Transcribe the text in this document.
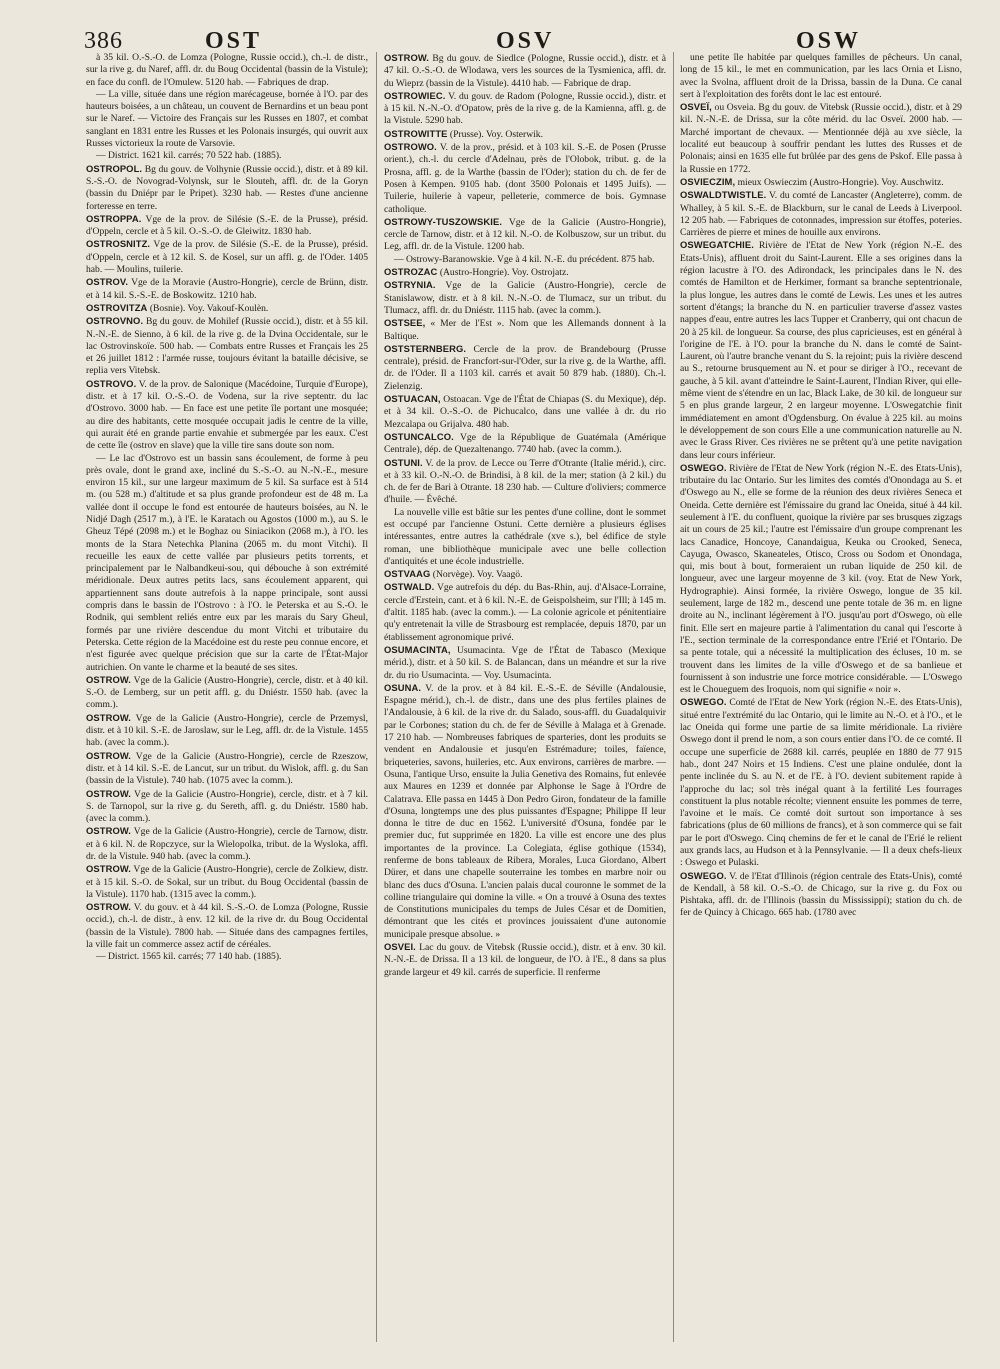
386	OST	OSV	OSW

à 35 kil. O.-S.-O. de Lomza (Pologne, Russie occid.), ch.-l. de distr., sur la rive g. du Naref, affl. dr. du Boug Occidental (bassin de la Vistule); en face du confl. de l'Omulew. 5120 hab. — Fabriques de drap.

— La ville, située dans une région marécageuse, bornée à l'O. par des hauteurs boisées, a un château, un couvent de Bernardins et un beau pont sur le Naref. — Victoire des Français sur les Russes en 1807, et combat sanglant en 1831 entre les Russes et les Polonais insurgés, qui ouvrit aux Russes victorieux la route de Varsovie.

— District. 1621 kil. carrés; 70 522 hab. (1885).

OSTROPOL. Bg du gouv. de Volhynie (Russie occid.), distr. et à 89 kil. S.-S.-O. de Novograd-Volynsk, sur le Slouteh, affl. dr. de la Goryn (bassin du Dniépr par le Pripet). 3230 hab. — Restes d'une ancienne forteresse en terre.

OSTROPPA. Vge de la prov. de Silésie (S.-E. de la Prusse), présid. d'Oppeln, cercle et à 5 kil. O.-S.-O. de Gleiwitz. 1830 hab.

OSTROSNITZ. Vge de la prov. de Silésie (S.-E. de la Prusse), présid. d'Oppeln, cercle et à 12 kil. S. de Kosel, sur un affl. g. de l'Oder. 1405 hab. — Moulins, tuilerie.

OSTROV. Vge de la Moravie (Austro-Hongrie), cercle de Brünn, distr. et à 14 kil. S.-S.-E. de Boskowitz. 1210 hab.

OSTROVITZA (Bosnie). Voy. Vakouf-Koulèn.

OSTROVNO. Bg du gouv. de Mohilef (Russie occid.), distr. et à 55 kil. N.-N.-E. de Sienno, à 6 kil. de la rive g. de la Dvina Occidentale, sur le lac Ostrovinskoïe. 500 hab. — Combats entre Russes et Français les 25 et 26 juillet 1812 : l'armée russe, toujours évitant la bataille décisive, se replia vers Vitebsk.

OSTROVO. V. de la prov. de Salonique (Macédoine, Turquie d'Europe), distr. et à 17 kil. O.-S.-O. de Vodena, sur la rive septentr. du lac d'Ostrovo. 3000 hab. — En face est une petite île portant une mosquée; au dire des habitants, cette mosquée occupait jadis le centre de la ville, qui aurait été en grande partie envahie et submergée par les eaux. C'est de cette île (ostrov en slave) que la ville tire sans doute son nom.

— Le lac d'Ostrovo est un bassin sans écoulement, de forme à peu près ovale, dont le grand axe, incliné du S.-S.-O. au N.-N.-E., mesure environ 15 kil., sur une largeur maximum de 5 kil. Sa surface est à 514 m. (ou 528 m.) d'altitude et sa plus grande profondeur est de 48 m. La vallée dont il occupe le fond est entourée de hauteurs boisées, au N. le Nidjé Dagh (2517 m.), à l'E. le Karatach ou Agostos (1000 m.), au S. le Gheuz Tépé (2098 m.) et le Boghaz ou Siniacikon (2068 m.), à l'O. les monts de la Stara Netechka Planina (2065 m. du mont Vitchi). Il recueille les eaux de cette vallée par plusieurs petits torrents, et principalement par le Nalbandkeui-sou, qui débouche à son extrémité méridionale. Deux autres petits lacs, sans écoulement apparent, qui appartiennent sans doute autrefois à la nappe principale, sont aussi compris dans le bassin de l'Ostrovo : à l'O. le Peterska et au S.-O. le Rodnik, qui semblent reliés entre eux par les marais du Sary Gheul, formés par une rivière descendue du mont Vitchi et tributaire du Peterska. Cette région de la Macédoine est du reste peu connue encore, et n'est figurée avec quelque précision que sur la carte de l'État-Major autrichien. On vante le charme et la beauté de ses sites.

OSTROW. Vge de la Galicie (Austro-Hongrie), cercle, distr. et à 40 kil. S.-O. de Lemberg, sur un petit affl. g. du Dniéstr. 1550 hab. (avec la comm.).

OSTROW. Vge de la Galicie (Austro-Hongrie), cercle de Przemysl, distr. et à 10 kil. S.-E. de Jaroslaw, sur le Leg, affl. dr. de la Vistule. 1455 hab. (avec la comm.).

OSTROW. Vge de la Galicie (Austro-Hongrie), cercle de Rzeszow, distr. et à 14 kil. S.-E. de Lancut, sur un tribut. du Wislok, affl. g. du San (bassin de la Vistule). 740 hab. (1075 avec la comm.).

OSTROW. Vge de la Galicie (Austro-Hongrie), cercle, distr. et à 7 kil. S. de Tarnopol, sur la rive g. du Sereth, affl. g. du Dniéstr. 1580 hab. (avec la comm.).

OSTROW. Vge de la Galicie (Austro-Hongrie), cercle de Tarnow, distr. et à 6 kil. N. de Ropczyce, sur la Wielopolka, tribut. de la Wysloka, affl. dr. de la Vistule. 940 hab. (avec la comm.).

OSTROW. Vge de la Galicie (Austro-Hongrie), cercle de Zolkiew, distr. et à 15 kil. S.-O. de Sokal, sur un tribut. du Boug Occidental (bassin de la Vistule). 1170 hab. (1315 avec la comm.).

OSTROW. V. du gouv. et à 44 kil. S.-S.-O. de Lomza (Pologne, Russie occid.), ch.-l. de distr., à env. 12 kil. de la rive dr. du Boug Occidental (bassin de la Vistule). 7800 hab. — Située dans des campagnes fertiles, la ville fait un commerce assez actif de céréales.

— District. 1565 kil. carrés; 77 140 hab. (1885).

OSTROW. Bg du gouv. de Siedlce (Pologne, Russie occid.), distr. et à 47 kil. O.-S.-O. de Wlodawa, vers les sources de la Tysmienica, affl. dr. du Wieprz (bassin de la Vistule). 4410 hab. — Fabrique de drap.

OSTROWIEC. V. du gouv. de Radom (Pologne, Russie occid.), distr. et à 15 kil. N.-N.-O. d'Opatow, près de la rive g. de la Kamienna, affl. g. de la Vistule. 5290 hab.

OSTROWITTE (Prusse). Voy. Osterwik.

OSTROWO. V. de la prov., présid. et à 103 kil. S.-E. de Posen (Prusse orient.), ch.-l. du cercle d'Adelnau, près de l'Olobok, tribut. g. de la Prosna, affl. g. de la Warthe (bassin de l'Oder); station du ch. de fer de Posen à Kempen. 9105 hab. (dont 3500 Polonais et 1495 Juifs). — Tuilerie, huilerie à vapeur, pelleterie, commerce de bois. Gymnase catholique.

OSTROWY-TUSZOWSKIE. Vge de la Galicie (Austro-Hongrie), cercle de Tarnow, distr. et à 12 kil. N.-O. de Kolbuszow, sur un tribut. du Leg, affl. dr. de la Vistule. 1200 hab.

— Ostrowy-Baranowskie. Vge à 4 kil. N.-E. du précédent. 875 hab.

OSTROZAC (Austro-Hongrie). Voy. Ostrojatz.

OSTRYNIA. Vge de la Galicie (Austro-Hongrie), cercle de Stanislawow, distr. et à 8 kil. N.-N.-O. de Tlumacz, sur un tribut. du Tlumacz, affl. dr. du Dniéstr. 1115 hab. (avec la comm.).

OSTSEE, « Mer de l'Est ». Nom que les Allemands donnent à la Baltique.

OSTSTERNBERG. Cercle de la prov. de Brandebourg (Prusse centrale), présid. de Francfort-sur-l'Oder, sur la rive g. de la Warthe, affl. dr. de l'Oder. Il a 1103 kil. carrés et avait 50 879 hab. (1880). Ch.-l. Zielenzig.

OSTUACAN, Ostoacan. Vge de l'État de Chiapas (S. du Mexique), dép. et à 34 kil. O.-S.-O. de Pichucalco, dans une vallée à dr. du rio Mezcalapa ou Grijalva. 480 hab.

OSTUNCALCO. Vge de la République de Guatémala (Amérique Centrale), dép. de Quezaltenango. 7740 hab. (avec la comm.).

OSTUNI. V. de la prov. de Lecce ou Terre d'Otrante (Italie mérid.), circ. et à 33 kil. O.-N.-O. de Brindisi, à 8 kil. de la mer; station (à 2 kil.) du ch. de fer de Bari à Otrante. 18 230 hab. — Culture d'oliviers; commerce d'huile. — Évêché.

La nouvelle ville est bâtie sur les pentes d'une colline, dont le sommet est occupé par l'ancienne Ostuni. Cette dernière a plusieurs églises intéressantes, entre autres la cathédrale (xve s.), bel édifice de style roman, une bibliothèque municipale avec une belle collection d'antiquités et une école industrielle.

OSTVAAG (Norvège). Voy. Vaagö.

OSTWALD. Vge autrefois du dép. du Bas-Rhin, auj. d'Alsace-Lorraine, cercle d'Erstein, cant. et à 6 kil. N.-E. de Geispolsheim, sur l'Ill; à 145 m. d'altit. 1185 hab. (avec la comm.). — La colonie agricole et pénitentiaire qu'y entretenait la ville de Strasbourg est remplacée, depuis 1870, par un établissement agronomique privé.

OSUMACINTA, Usumacinta. Vge de l'État de Tabasco (Mexique mérid.), distr. et à 50 kil. S. de Balancan, dans un méandre et sur la rive dr. du rio Usumacinta. — Voy. Usumacinta.

OSUNA. V. de la prov. et à 84 kil. E.-S.-E. de Séville (Andalousie, Espagne mérid.), ch.-l. de distr., dans une des plus fertiles plaines de l'Andalousie, à 6 kil. de la rive dr. du Salado, sous-affl. du Guadalquivir par le Corbones; station du ch. de fer de Séville à Malaga et à Grenade. 17 210 hab. — Nombreuses fabriques de sparteries, dont les produits se vendent en Andalousie et jusqu'en Estrémadure; toiles, faïence, briqueteries, savons, huileries, etc. Aux environs, carrières de marbre. — Osuna, l'antique Urso, ensuite la Julia Genetiva des Romains, fut enlevée aux Maures en 1239 et donnée par Alphonse le Sage à l'Ordre de Calatrava. Elle passa en 1445 à Don Pedro Giron, fondateur de la famille d'Osuna, longtemps une des plus puissantes d'Espagne; Philippe II leur donna le titre de duc en 1562. L'université d'Osuna, fondée par le premier duc, fut supprimée en 1820. La ville est encore une des plus importantes de la province. La Colegiata, église gothique (1534), renferme de bons tableaux de Ribera, Morales, Luca Giordano, Albert Dürer, et dans une chapelle souterraine les tombes en marbre noir ou blanc des ducs d'Osuna. L'ancien palais ducal couronne le sommet de la colline triangulaire qui domine la ville. « On a trouvé à Osuna des textes de Constitutions municipales du temps de Jules César et de Domitien, démontrant que les cités et provinces jouissaient d'une autonomie municipale presque absolue. »

OSVEI. Lac du gouv. de Vitebsk (Russie occid.), distr. et à env. 30 kil. N.-N.-E. de Drissa. Il a 13 kil. de longueur, de l'O. à l'E., 8 dans sa plus grande largeur et 49 kil. carrés de superficie. Il renferme

une petite île habitée par quelques familles de pêcheurs. Un canal, long de 15 kil., le met en communication, par les lacs Ornia et Lisno, avec la Svolna, affluent droit de la Drissa, bassin de la Duna. Ce canal sert à l'exploitation des forêts dont le lac est entouré.

OSVEÏ, ou Osveia. Bg du gouv. de Vitebsk (Russie occid.), distr. et à 29 kil. N.-N.-E. de Drissa, sur la côte mérid. du lac Osveï. 2000 hab. — Marché important de chevaux. — Mentionnée déjà au xve siècle, la localité eut beaucoup à souffrir pendant les luttes des Russes et de Polonais; ainsi en 1635 elle fut brûlée par des gens de Pskof. Elle passa à la Russie en 1772.

OSVIECZIM, mieux Oswieczim (Austro-Hongrie). Voy. Auschwitz.

OSWALDTWISTLE. V. du comté de Lancaster (Angleterre), comm. de Whalley, à 5 kil. S.-E. de Blackburn, sur le canal de Leeds à Liverpool. 12 205 hab. — Fabriques de cotonnades, impression sur étoffes, poteries. Carrières de pierre et mines de houille aux environs.

OSWEGATCHIE. Rivière de l'Etat de New York (région N.-E. des Etats-Unis), affluent droit du Saint-Laurent. Elle a ses origines dans la région lacustre à l'O. des Adirondack, les principales dans le N. des comtés de Hamilton et de Herkimer, formant sa branche septentrionale, la plus longue, les autres dans le comté de Lewis. Les unes et les autres sortent d'étangs; la branche du N. en particulier traverse d'assez vastes nappes d'eau, entre autres les lacs Tupper et Cranberry, qui ont chacun de 20 à 25 kil. de longueur. Sa course, des plus capricieuses, est en général à l'origine de l'E. à l'O. pour la branche du N. dans le comté de Saint-Laurent, où l'autre branche venant du S. la rejoint; puis la rivière descend au S., retourne brusquement au N. et pour se diriger à l'O., recevant de gauche, à 5 kil. avant d'atteindre le Saint-Laurent, l'Indian River, qui elle-même vient de s'étendre en un lac, Black Lake, de 30 kil. de longueur sur 5 en plus grande largeur, 2 en largeur moyenne. L'Oswegatchie finit immédiatement en amont d'Ogdensburg. On évalue à 225 kil. au moins le développement de son cours Elle a une communication naturelle au N. avec le Grass River. Ces rivières ne se prêtent qu'à une petite navigation dans leur cours inférieur.

OSWEGO. Rivière de l'Etat de New York (région N.-E. des Etats-Unis), tributaire du lac Ontario. Sur les limites des comtés d'Onondaga au S. et d'Oswego au N., elle se forme de la réunion des deux rivières Seneca et Oneida. Cette dernière est l'émissaire du grand lac Oneida, situé à 44 kil. seulement à l'E. du confluent, quoique la rivière par ses brusques zigzags ait un cours de 25 kil.; l'autre est l'émissaire d'un groupe comprenant les lacs Canadice, Honcoye, Canandaigua, Keuka ou Crooked, Seneca, Cayuga, Owasco, Skaneateles, Otisco, Cross ou Sodom et Onondaga, qui, mis bout à bout, formeraient un ruban liquide de 250 kil. de longueur, avec une largeur moyenne de 3 kil. (voy. Etat de New York, Hydrographie). Ainsi formée, la rivière Oswego, longue de 35 kil. seulement, large de 182 m., descend une pente totale de 36 m. en ligne droite au N., inclinant légèrement à l'O. jusqu'au port d'Oswego, où elle finit. Elle sert en majeure partie à l'alimentation du canal qui l'escorte à l'E., section terminale de la correspondance entre l'Erié et l'Ontario. De sa pente totale, qui a nécessité la multiplication des écluses, 10 m. se trouvent dans les limites de la ville d'Oswego et de sa banlieue et fournissent à son industrie une force motrice considérable. — L'Oswego est le Choueguem des Iroquois, nom qui signifie « noir ».

OSWEGO. Comté de l'Etat de New York (région N.-E. des Etats-Unis), situé entre l'extrémité du lac Ontario, qui le limite au N.-O. et à l'O., et le lac Oneida qui forme une partie de sa limite méridionale. La rivière Oswego dont il prend le nom, a son cours entier dans l'O. de ce comté. Il occupe une superficie de 2688 kil. carrés, peuplée en 1880 de 77 915 hab., dont 247 Noirs et 15 Indiens. C'est une plaine ondulée, dont la pente inclinée du S. au N. et de l'E. à l'O. devient subitement rapide à l'approche du lac; sol très inégal quant à la fertilité Les fourrages constituent la plus notable récolte; viennent ensuite les pommes de terre, l'avoine et le maïs. Ce comté doit surtout son importance à ses fabrications (plus de 60 millions de francs), et à son commerce qui se fait par le port d'Oswego. Cinq chemins de fer et le canal de l'Erié le relient aux grands lacs, au Hudson et à la Pennsylvanie. — Il a deux chefs-lieux : Oswego et Pulaski.

OSWEGO. V. de l'Etat d'Illinois (région centrale des Etats-Unis), comté de Kendall, à 58 kil. O.-S.-O. de Chicago, sur la rive g. du Fox ou Pishtaka, affl. dr. de l'Illinois (bassin du Mississippi); station du ch. de fer de Quincy à Chicago. 665 hab. (1780 avec
